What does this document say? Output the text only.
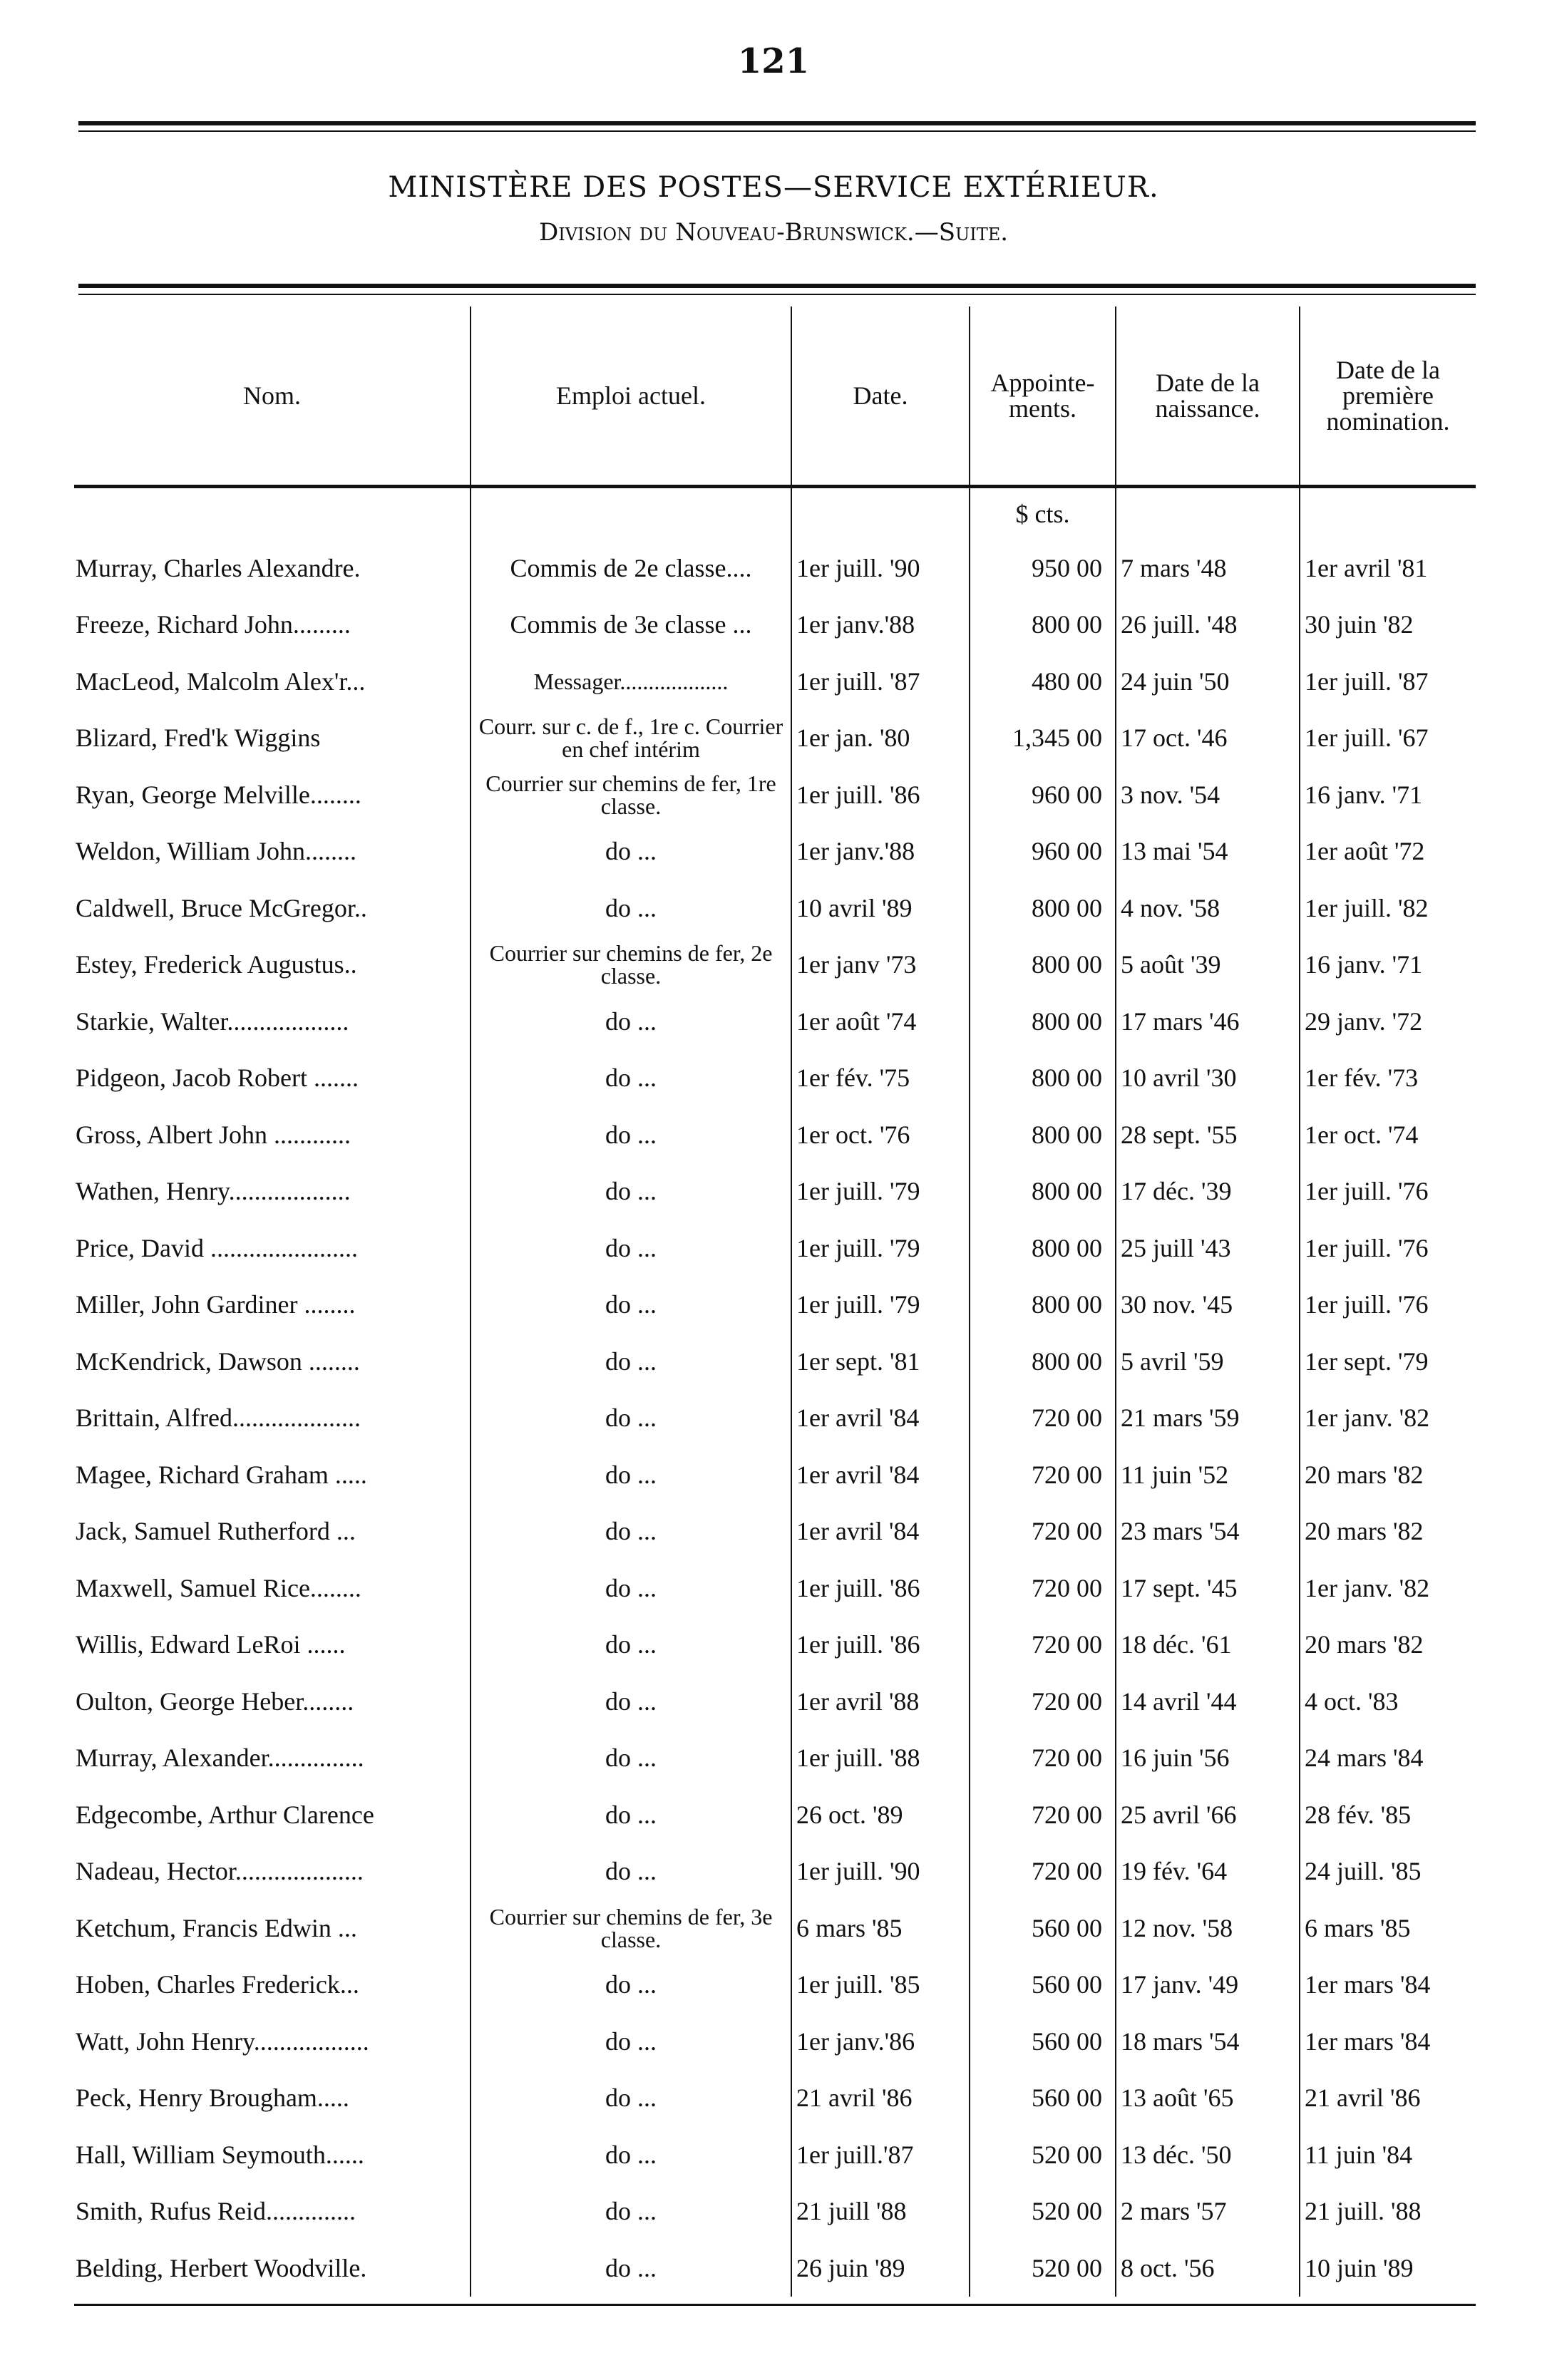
121
MINISTÈRE DES POSTES—SERVICE EXTÉRIEUR.
Division du Nouveau-Brunswick.—Suite.
Nom.	Emploi actuel.	Date.	Appointe-ments.	Date de la naissance.	Date de la première nomination.
			$ cts.		
Murray, Charles Alexandre.	Commis de 2e classe....	1er juill. '90	950 00	7 mars '48	1er avril '81
Freeze, Richard John.........	Commis de 3e classe ...	1er janv.'88	800 00	26 juill. '48	30 juin '82
MacLeod, Malcolm Alex'r...	Messager...................	1er juill. '87	480 00	24 juin '50	1er juill. '87
Blizard, Fred'k Wiggins	Courr. sur c. de f., 1re c. Courrier en chef intérim	1er jan. '80	1,345 00	17 oct. '46	1er juill. '67
Ryan, George Melville........	Courrier sur chemins de fer, 1re classe.	1er juill. '86	960 00	3 nov. '54	16 janv. '71
Weldon, William John........	do ...	1er janv.'88	960 00	13 mai '54	1er août '72
Caldwell, Bruce McGregor..	do ...	10 avril '89	800 00	4 nov. '58	1er juill. '82
Estey, Frederick Augustus..	Courrier sur chemins de fer, 2e classe.	1er janv '73	800 00	5 août '39	16 janv. '71
Starkie, Walter...................	do ...	1er août '74	800 00	17 mars '46	29 janv. '72
Pidgeon, Jacob Robert .......	do ...	1er fév. '75	800 00	10 avril '30	1er fév. '73
Gross, Albert John ............	do ...	1er oct. '76	800 00	28 sept. '55	1er oct. '74
Wathen, Henry...................	do ...	1er juill. '79	800 00	17 déc. '39	1er juill. '76
Price, David .......................	do ...	1er juill. '79	800 00	25 juill '43	1er juill. '76
Miller, John Gardiner ........	do ...	1er juill. '79	800 00	30 nov. '45	1er juill. '76
McKendrick, Dawson ........	do ...	1er sept. '81	800 00	5 avril '59	1er sept. '79
Brittain, Alfred....................	do ...	1er avril '84	720 00	21 mars '59	1er janv. '82
Magee, Richard Graham .....	do ...	1er avril '84	720 00	11 juin '52	20 mars '82
Jack, Samuel Rutherford ...	do ...	1er avril '84	720 00	23 mars '54	20 mars '82
Maxwell, Samuel Rice........	do ...	1er juill. '86	720 00	17 sept. '45	1er janv. '82
Willis, Edward LeRoi ......	do ...	1er juill. '86	720 00	18 déc. '61	20 mars '82
Oulton, George Heber........	do ...	1er avril '88	720 00	14 avril '44	4 oct. '83
Murray, Alexander...............	do ...	1er juill. '88	720 00	16 juin '56	24 mars '84
Edgecombe, Arthur Clarence	do ...	26 oct. '89	720 00	25 avril '66	28 fév. '85
Nadeau, Hector....................	do ...	1er juill. '90	720 00	19 fév. '64	24 juill. '85
Ketchum, Francis Edwin ...	Courrier sur chemins de fer, 3e classe.	6 mars '85	560 00	12 nov. '58	6 mars '85
Hoben, Charles Frederick...	do ...	1er juill. '85	560 00	17 janv. '49	1er mars '84
Watt, John Henry..................	do ...	1er janv.'86	560 00	18 mars '54	1er mars '84
Peck, Henry Brougham.....	do ...	21 avril '86	560 00	13 août '65	21 avril '86
Hall, William Seymouth......	do ...	1er juill.'87	520 00	13 déc. '50	11 juin '84
Smith, Rufus Reid..............	do ...	21 juill '88	520 00	2 mars '57	21 juill. '88
Belding, Herbert Woodville.	do ...	26 juin '89	520 00	8 oct. '56	10 juin '89
